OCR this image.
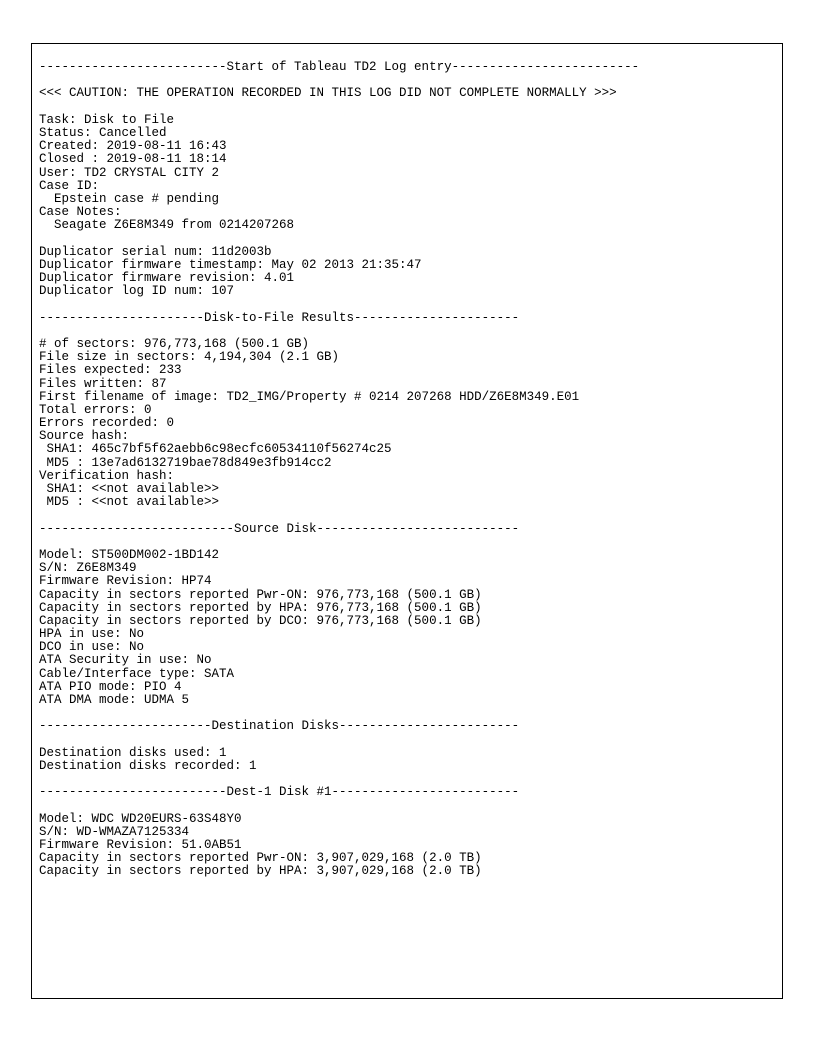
-------------------------Start of Tableau TD2 Log entry-------------------------
<<< CAUTION: THE OPERATION RECORDED IN THIS LOG DID NOT COMPLETE NORMALLY >>>
Task: Disk to File
Status: Cancelled
Created: 2019-08-11 16:43
Closed : 2019-08-11 18:14
User: TD2 CRYSTAL CITY 2
Case ID:
Epstein case # pending
Case Notes:
Seagate Z6E8M349 from 0214207268
Duplicator serial num: 11d2003b
Duplicator firmware timestamp: May 02 2013 21:35:47
Duplicator firmware revision: 4.01
Duplicator log ID num: 107
----------------------Disk-to-File Results----------------------
# of sectors: 976,773,168 (500.1 GB)
File size in sectors: 4,194,304 (2.1 GB)
Files expected: 233
Files written: 87
First filename of image: TD2_IMG/Property # 0214 207268 HDD/Z6E8M349.E01
Total errors: 0
Errors recorded: 0
Source hash:
SHA1: 465c7bf5f62aebb6c98ecfc60534110f56274c25
MD5 : 13e7ad6132719bae78d849e3fb914cc2
Verification hash:
SHA1: <<not available>>
MD5 : <<not available>>
--------------------------Source Disk---------------------------
Model: ST500DM002-1BD142
S/N: Z6E8M349
Firmware Revision: HP74
Capacity in sectors reported Pwr-ON: 976,773,168 (500.1 GB)
Capacity in sectors reported by HPA: 976,773,168 (500.1 GB)
Capacity in sectors reported by DCO: 976,773,168 (500.1 GB)
HPA in use: No
DCO in use: No
ATA Security in use: No
Cable/Interface type: SATA
ATA PIO mode: PIO 4
ATA DMA mode: UDMA 5
-----------------------Destination Disks------------------------
Destination disks used: 1
Destination disks recorded: 1
-------------------------Dest-1 Disk #1-------------------------
Model: WDC WD20EURS-63S48Y0
S/N: WD-WMAZA7125334
Firmware Revision: 51.0AB51
Capacity in sectors reported Pwr-ON: 3,907,029,168 (2.0 TB)
Capacity in sectors reported by HPA: 3,907,029,168 (2.0 TB)
